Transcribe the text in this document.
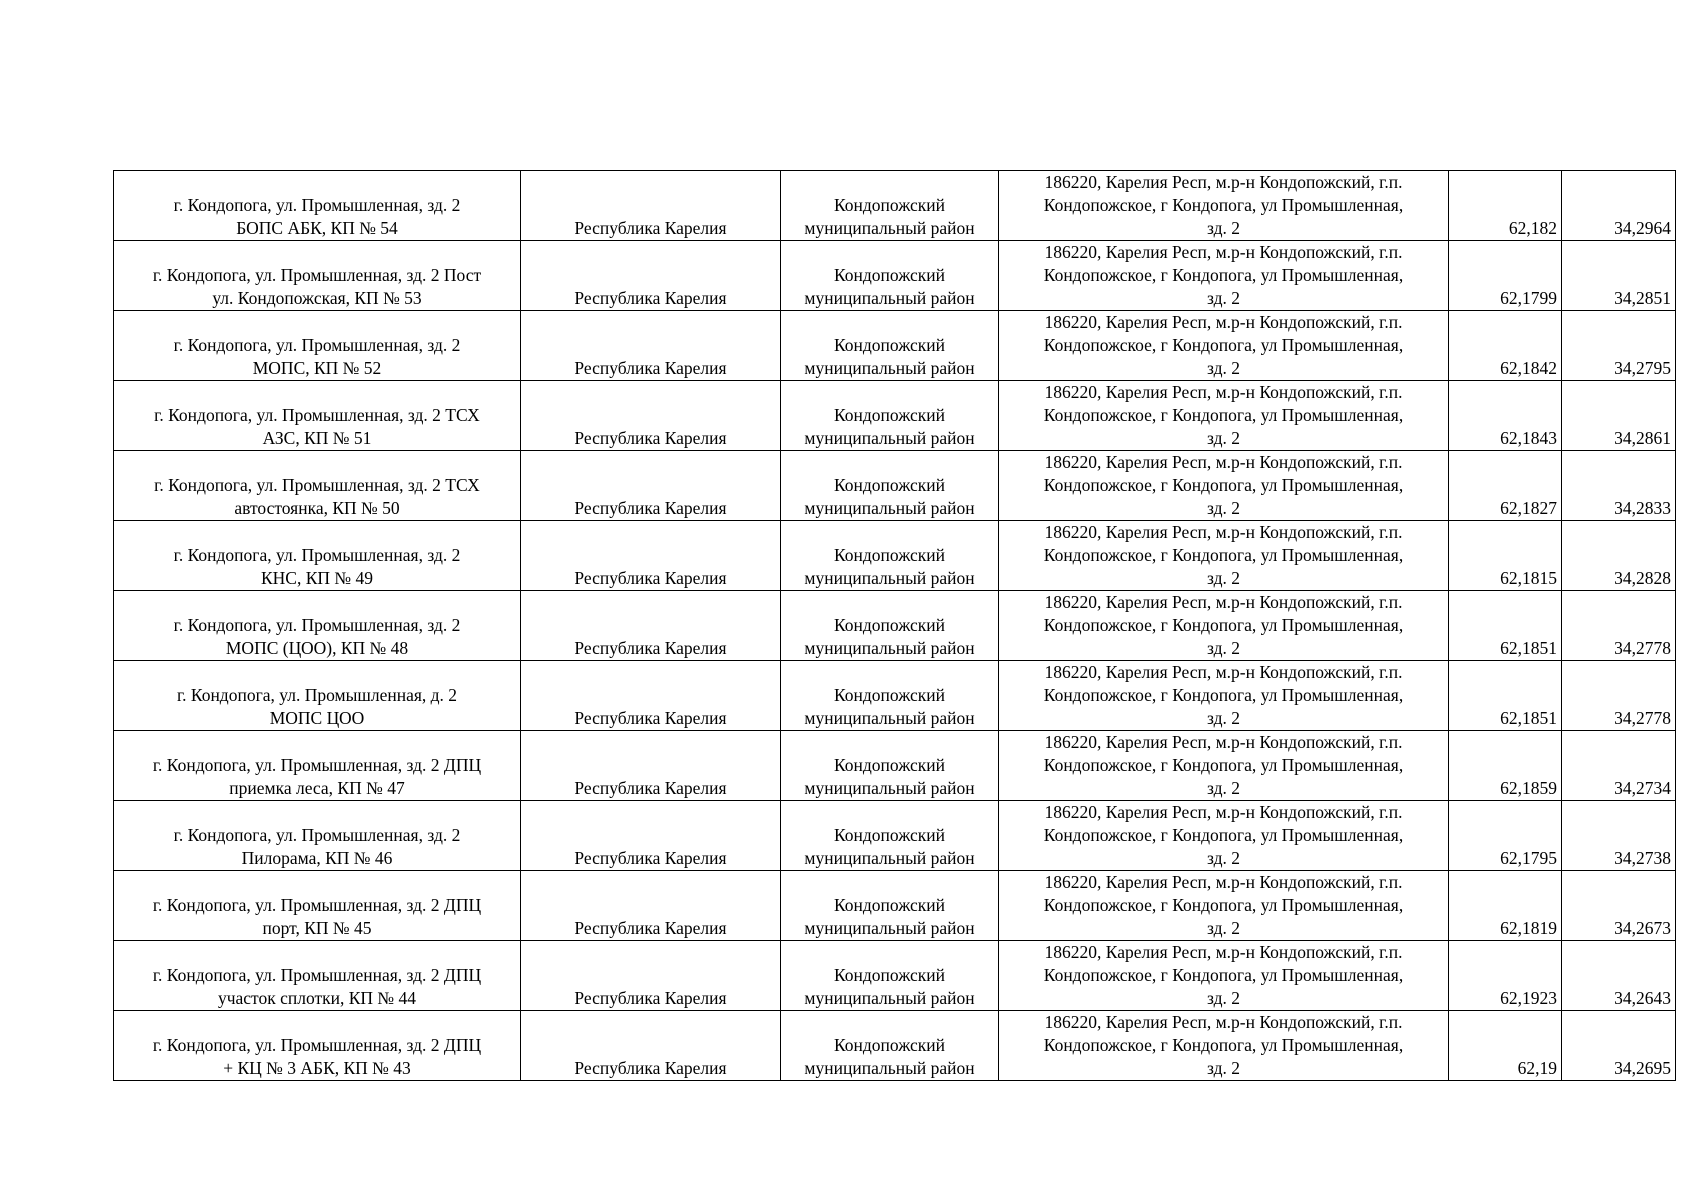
г. Кондопога, ул. Промышленная, зд. 2
БОПС АБК, КП № 54	Республика Карелия	Кондопожский
муниципальный район	186220, Карелия Респ, м.р-н Кондопожский, г.п.
Кондопожское, г Кондопога, ул Промышленная,
зд. 2	62,182	34,2964

г. Кондопога, ул. Промышленная, зд. 2 Пост
ул. Кондопожская, КП № 53	Республика Карелия	Кондопожский
муниципальный район	186220, Карелия Респ, м.р-н Кондопожский, г.п.
Кондопожское, г Кондопога, ул Промышленная,
зд. 2	62,1799	34,2851

г. Кондопога, ул. Промышленная, зд. 2
МОПС, КП № 52	Республика Карелия	Кондопожский
муниципальный район	186220, Карелия Респ, м.р-н Кондопожский, г.п.
Кондопожское, г Кондопога, ул Промышленная,
зд. 2	62,1842	34,2795

г. Кондопога, ул. Промышленная, зд. 2 ТСХ
АЗС, КП № 51	Республика Карелия	Кондопожский
муниципальный район	186220, Карелия Респ, м.р-н Кондопожский, г.п.
Кондопожское, г Кондопога, ул Промышленная,
зд. 2	62,1843	34,2861

г. Кондопога, ул. Промышленная, зд. 2 ТСХ
автостоянка, КП № 50	Республика Карелия	Кондопожский
муниципальный район	186220, Карелия Респ, м.р-н Кондопожский, г.п.
Кондопожское, г Кондопога, ул Промышленная,
зд. 2	62,1827	34,2833

г. Кондопога, ул. Промышленная, зд. 2
КНС, КП № 49	Республика Карелия	Кондопожский
муниципальный район	186220, Карелия Респ, м.р-н Кондопожский, г.п.
Кондопожское, г Кондопога, ул Промышленная,
зд. 2	62,1815	34,2828

г. Кондопога, ул. Промышленная, зд. 2
МОПС (ЦОО), КП № 48	Республика Карелия	Кондопожский
муниципальный район	186220, Карелия Респ, м.р-н Кондопожский, г.п.
Кондопожское, г Кондопога, ул Промышленная,
зд. 2	62,1851	34,2778

г. Кондопога, ул. Промышленная, д. 2
МОПС ЦОО	Республика Карелия	Кондопожский
муниципальный район	186220, Карелия Респ, м.р-н Кондопожский, г.п.
Кондопожское, г Кондопога, ул Промышленная,
зд. 2	62,1851	34,2778

г. Кондопога, ул. Промышленная, зд. 2 ДПЦ
приемка леса, КП № 47	Республика Карелия	Кондопожский
муниципальный район	186220, Карелия Респ, м.р-н Кондопожский, г.п.
Кондопожское, г Кондопога, ул Промышленная,
зд. 2	62,1859	34,2734

г. Кондопога, ул. Промышленная, зд. 2
Пилорама, КП № 46	Республика Карелия	Кондопожский
муниципальный район	186220, Карелия Респ, м.р-н Кондопожский, г.п.
Кондопожское, г Кондопога, ул Промышленная,
зд. 2	62,1795	34,2738

г. Кондопога, ул. Промышленная, зд. 2 ДПЦ
порт, КП № 45	Республика Карелия	Кондопожский
муниципальный район	186220, Карелия Респ, м.р-н Кондопожский, г.п.
Кондопожское, г Кондопога, ул Промышленная,
зд. 2	62,1819	34,2673

г. Кондопога, ул. Промышленная, зд. 2 ДПЦ
участок сплотки, КП № 44	Республика Карелия	Кондопожский
муниципальный район	186220, Карелия Респ, м.р-н Кондопожский, г.п.
Кондопожское, г Кондопога, ул Промышленная,
зд. 2	62,1923	34,2643

г. Кондопога, ул. Промышленная, зд. 2 ДПЦ
+ КЦ № 3 АБК, КП № 43	Республика Карелия	Кондопожский
муниципальный район	186220, Карелия Респ, м.р-н Кондопожский, г.п.
Кондопожское, г Кондопога, ул Промышленная,
зд. 2	62,19	34,2695
